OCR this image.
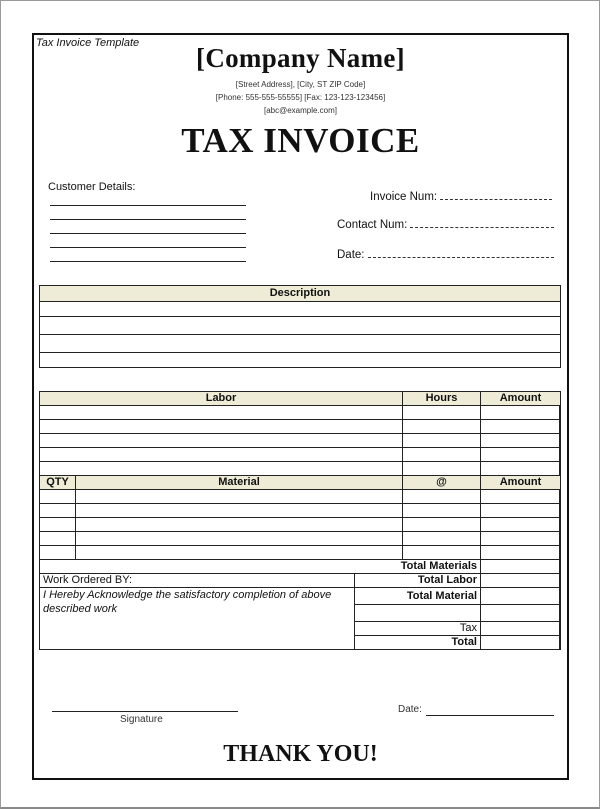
Tax Invoice Template	[Company Name]
[Street Address], [City, ST ZIP Code]
[Phone: 555-555-55555] [Fax: 123-123-123456]
[abc@example.com]
TAX INVOICE
Customer Details:
Invoice Num:
Contact Num:
Date:
Description

Labor			Hours	Amount	

QTY	Material		@	Amount	

Total Materials					
Work Ordered BY:		Total Labor			
I Hereby Acknowledge the satisfactory completion of above described work		Total Material			

		Tax			
		Total			
Signature
Date:
THANK YOU!
